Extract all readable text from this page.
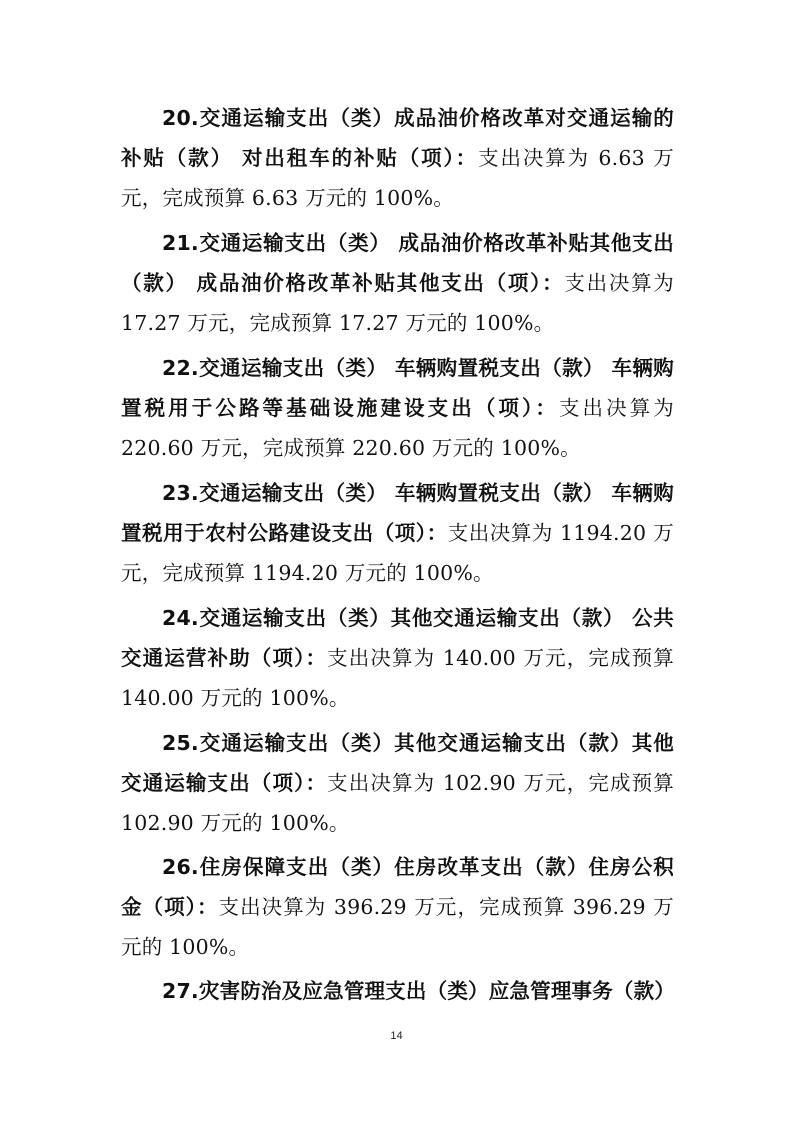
20.交通运输支出（类）成品油价格改革对交通运输的补贴（款） 对出租车的补贴（项）：支出决算为 6.63 万元，完成预算 6.63 万元的 100%。

21.交通运输支出（类） 成品油价格改革补贴其他支出（款） 成品油价格改革补贴其他支出（项）：支出决算为 17.27 万元，完成预算 17.27 万元的 100%。

22.交通运输支出（类） 车辆购置税支出（款） 车辆购置税用于公路等基础设施建设支出（项）：支出决算为 220.60 万元，完成预算 220.60 万元的 100%。

23.交通运输支出（类） 车辆购置税支出（款） 车辆购置税用于农村公路建设支出（项）：支出决算为 1194.20 万元，完成预算 1194.20 万元的 100%。

24.交通运输支出（类）其他交通运输支出（款） 公共交通运营补助（项）：支出决算为 140.00 万元，完成预算 140.00 万元的 100%。

25.交通运输支出（类）其他交通运输支出（款）其他交通运输支出（项）：支出决算为 102.90 万元，完成预算 102.90 万元的 100%。

26.住房保障支出（类）住房改革支出（款）住房公积金（项）：支出决算为 396.29 万元，完成预算 396.29 万元的 100%。

27.灾害防治及应急管理支出（类）应急管理事务（款）

14
